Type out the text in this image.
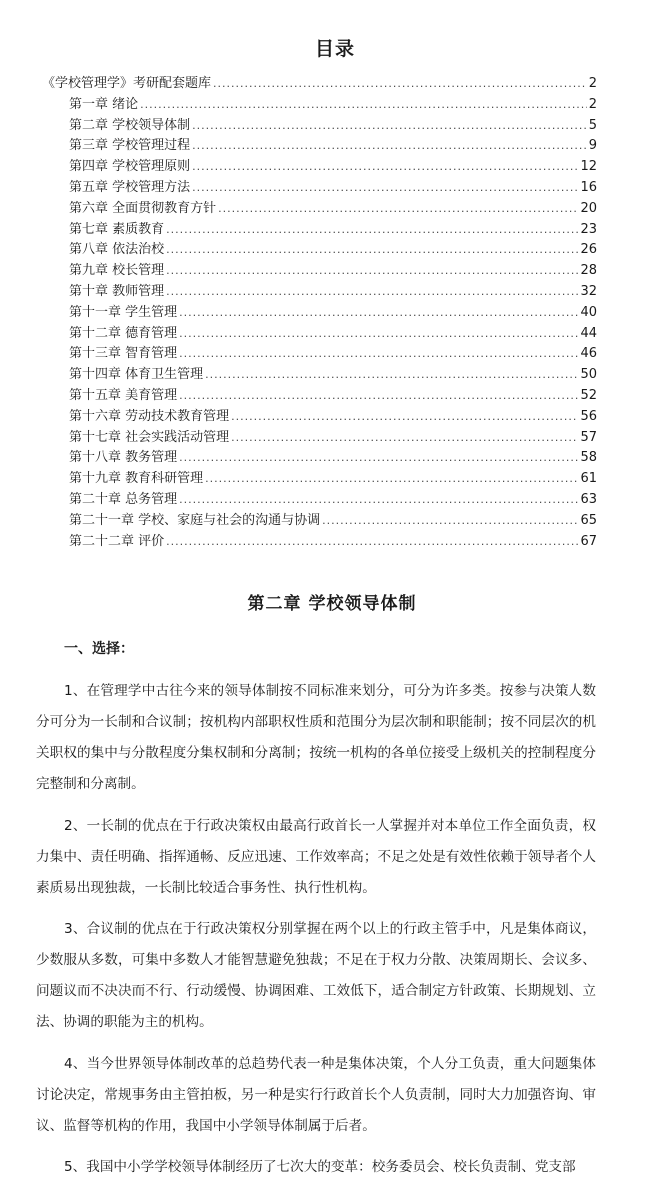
目录
《学校管理学》考研配套题库 .....	2
第一章 绪论 .....	2
第二章 学校领导体制 .....	5
第三章 学校管理过程 .....	9
第四章 学校管理原则 .....	12
第五章 学校管理方法 .....	16
第六章 全面贯彻教育方针 .....	20
第七章 素质教育 .....	23
第八章 依法治校 .....	26
第九章 校长管理 .....	28
第十章 教师管理 .....	32
第十一章 学生管理 .....	40
第十二章 德育管理 .....	44
第十三章 智育管理 .....	46
第十四章 体育卫生管理 .....	50
第十五章 美育管理 .....	52
第十六章 劳动技术教育管理 .....	56
第十七章 社会实践活动管理 .....	57
第十八章 教务管理 .....	58
第十九章 教育科研管理 .....	61
第二十章 总务管理 .....	63
第二十一章 学校、家庭与社会的沟通与协调 .....	65
第二十二章 评价 .....	67
第二章 学校领导体制
一、选择：

1、在管理学中古往今来的领导体制按不同标准来划分，可分为许多类。按参与决策人数分可分为一长制和合议制；按机构内部职权性质和范围分为层次制和职能制；按不同层次的机关职权的集中与分散程度分集权制和分离制；按统一机构的各单位接受上级机关的控制程度分完整制和分离制。

2、一长制的优点在于行政决策权由最高行政首长一人掌握并对本单位工作全面负责，权力集中、责任明确、指挥通畅、反应迅速、工作效率高；不足之处是有效性依赖于领导者个人素质易出现独裁，一长制比较适合事务性、执行性机构。

3、合议制的优点在于行政决策权分别掌握在两个以上的行政主管手中，凡是集体商议，少数服从多数，可集中多数人才能智慧避免独裁；不足在于权力分散、决策周期长、会议多、问题议而不决决而不行、行动缓慢、协调困难、工效低下，适合制定方针政策、长期规划、立法、协调的职能为主的机构。

4、当今世界领导体制改革的总趋势代表一种是集体决策，个人分工负责，重大问题集体讨论决定，常规事务由主管拍板，另一种是实行行政首长个人负责制，同时大力加强咨询、审议、监督等机构的作用，我国中小学领导体制属于后者。

5、我国中小学学校领导体制经历了七次大的变革：校务委员会、校长负责制、党支部
